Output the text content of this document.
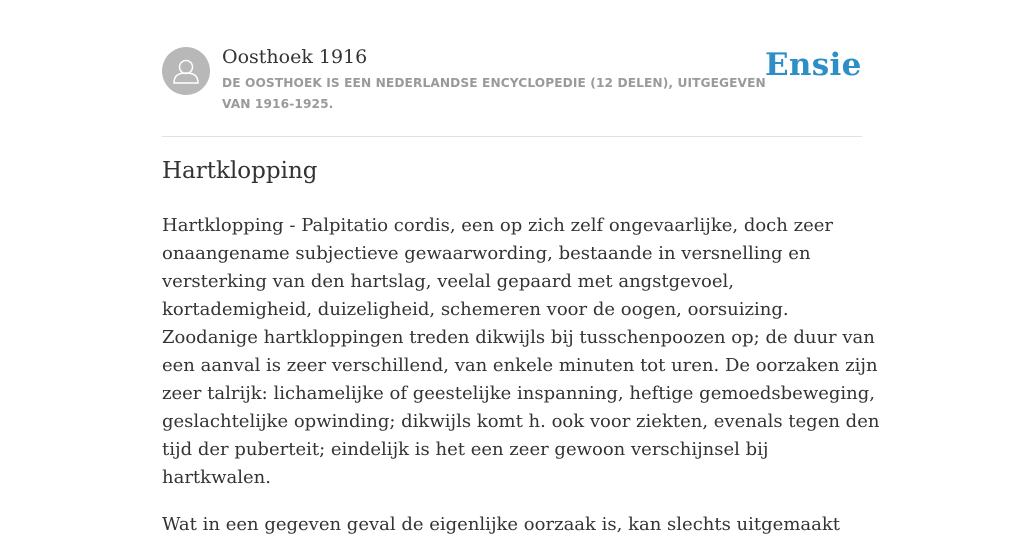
Oosthoek 1916
DE OOSTHOEK IS EEN NEDERLANDSE ENCYCLOPEDIE (12 DELEN), UITGEGEVEN VAN 1916-1925.
Ensie
Hartklopping

Hartklopping - Palpitatio cordis, een op zich zelf ongevaarlijke, doch zeer onaangename subjectieve gewaarwording, bestaande in versnelling en versterking van den hartslag, veelal gepaard met angstgevoel, kortademigheid, duizeligheid, schemeren voor de oogen, oorsuizing. Zoodanige hartkloppingen treden dikwijls bij tusschenpoozen op; de duur van een aanval is zeer verschillend, van enkele minuten tot uren. De oorzaken zijn zeer talrijk: lichamelijke of geestelijke inspanning, heftige gemoedsbeweging, geslachtelijke opwinding; dikwijls komt h. ook voor ziekten, evenals tegen den tijd der puberteit; eindelijk is het een zeer gewoon verschijnsel bij hartkwalen.

Wat in een gegeven geval de eigenlijke oorzaak is, kan slechts uitgemaakt
